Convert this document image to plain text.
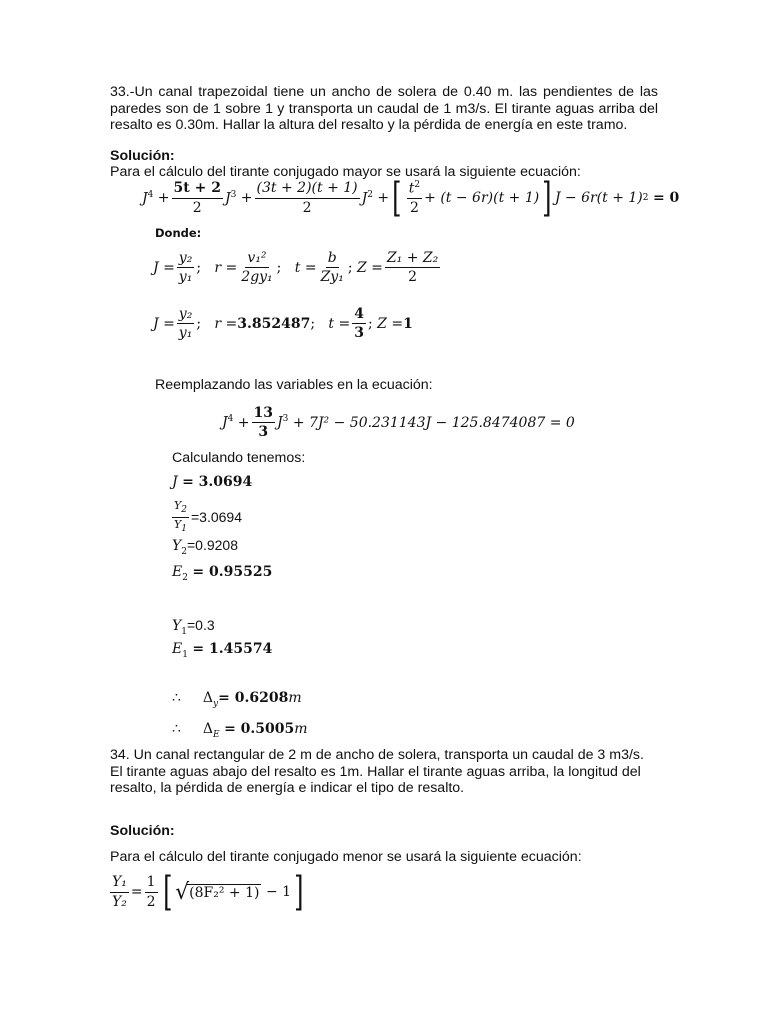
33.-Un canal trapezoidal tiene un ancho de solera de 0.40 m. las pendientes de las paredes son de 1 sobre 1 y transporta un caudal de 1 m3/s. El tirante aguas arriba del resalto es 0.30m. Hallar la altura del resalto y la pérdida de energía en este tramo.
Solución:
Para el cálculo del tirante conjugado mayor se usará la siguiente ecuación:
$J^4 + \frac{5t + 2}{2} J^3 + \frac{(3t + 2)(t + 1)}{2} J^2$ + [ $\frac{t^2}{2} + (t - 6r)(t + 1)$ ] J − 6r(t + 1) 2
= 0
Donde:
$J = \frac{\text{y₂}}{\text{y₁}}$ ; $r = \frac{\text{v₁²}}{\text{2gy₁}}$ ; $t = \frac{b}{\text{Zy₁}}$ ; $Z = \frac{\text{Z₁ + Z₂}}{2}$
$J = \frac{\text{y₂}}{\text{y₁}}$ ; r = 3.852487 ; $t = \frac{4}{3}$ ; Z = 1
Reemplazando las variables en la ecuación:
$J^4 + \frac{13}{3} J^3 + 7J^2 - 50.231143J - 125.8474087 = 0$
Calculando tenemos:
J = 3.0694
$\frac{Y_2}{Y_1} =3.0694$
$Y_2=0.9208$
$E_2 = 0.95525$
$Y_1=0.3$
$E_1 = 1.45574$
∴ $\Delta_y= 0.6208m$
∴ $\Delta_E = 0.5005m$
34. Un canal rectangular de 2 m de ancho de solera, transporta un caudal de 3 m3/s. El tirante aguas abajo del resalto es 1m. Hallar el tirante aguas arriba, la longitud del resalto, la pérdida de energía e indicar el tipo de resalto.
Solución:
Para el cálculo del tirante conjugado menor se usará la siguiente ecuación:
$\frac{\text{Y₁}}{\text{Y₂}} = \frac{1}{2}$ [ √ (8F₂² + 1)
− 1 ]
